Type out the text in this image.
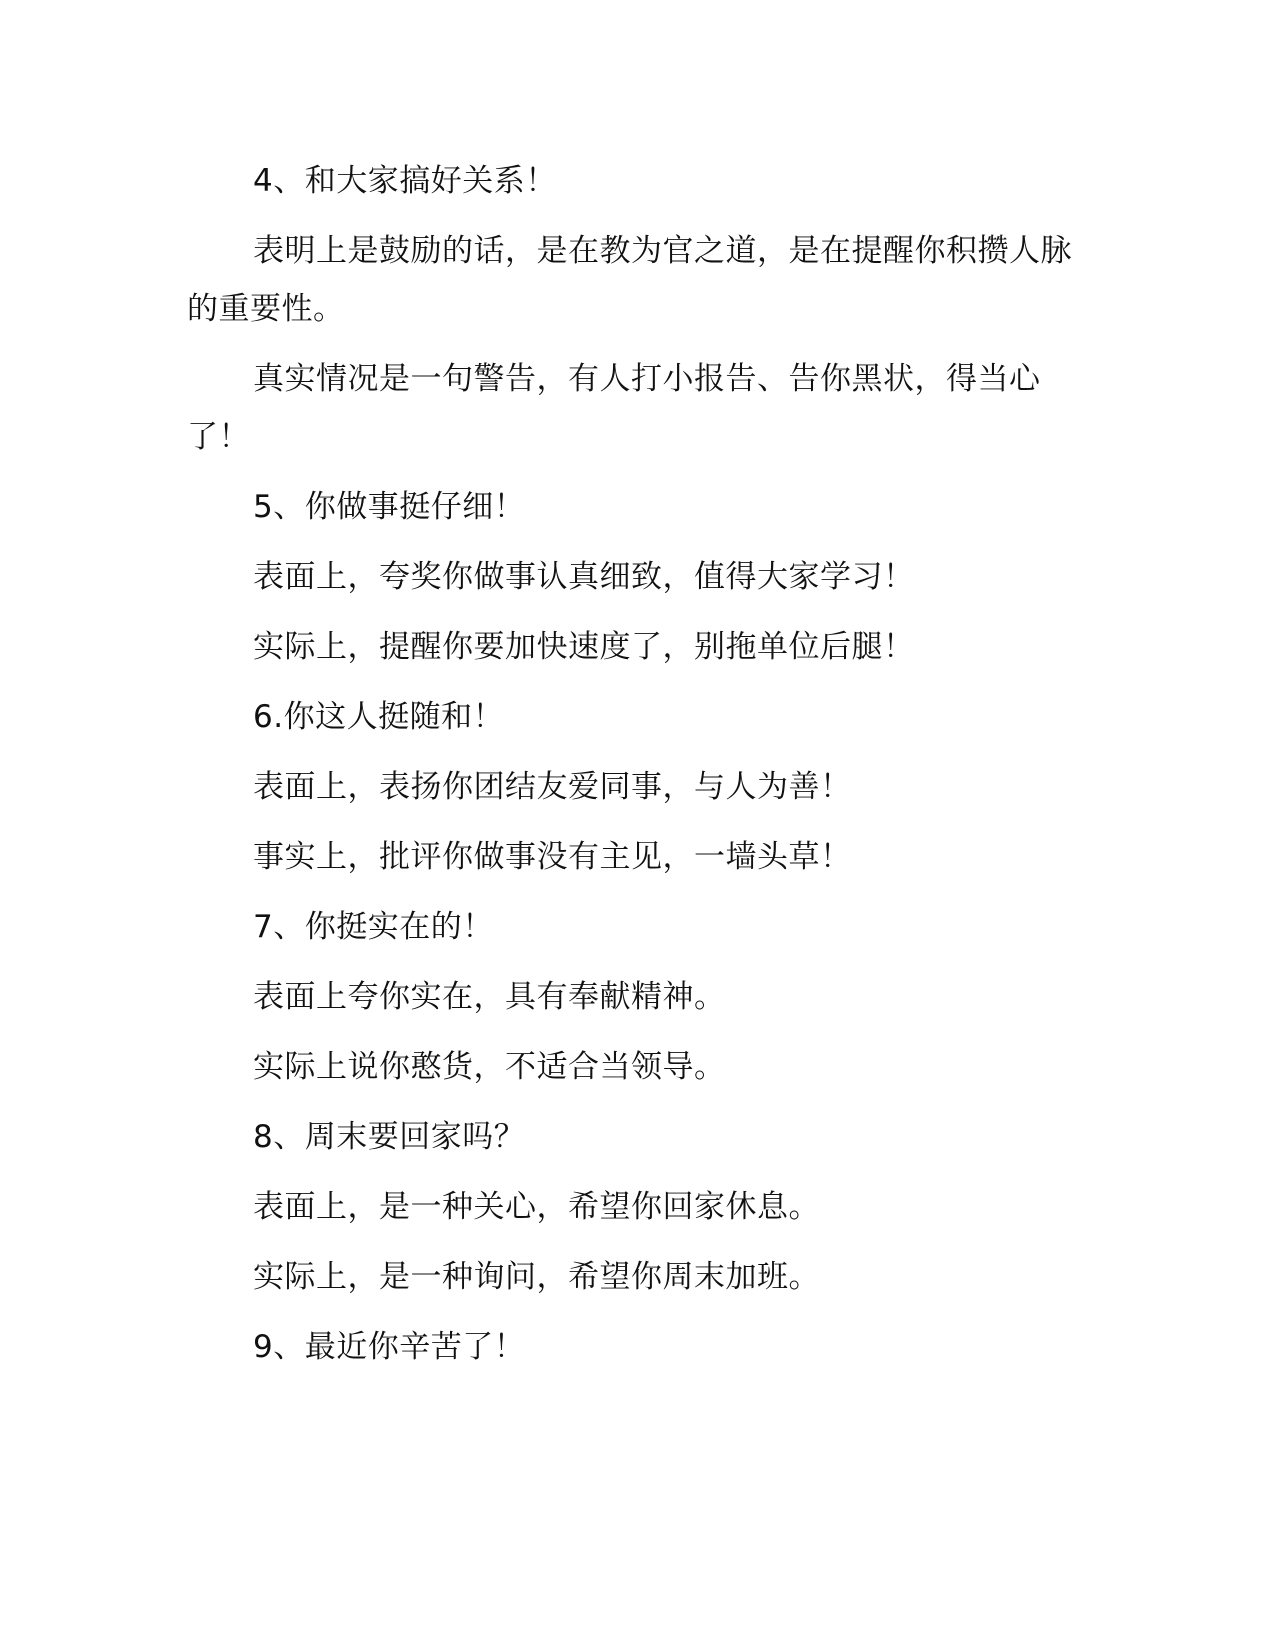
4、和大家搞好关系！

表明上是鼓励的话，是在教为官之道，是在提醒你积攒人脉的重要性。

真实情况是一句警告，有人打小报告、告你黑状，得当心了！

5、你做事挺仔细！

表面上，夸奖你做事认真细致，值得大家学习！

实际上，提醒你要加快速度了，别拖单位后腿！

6.你这人挺随和！

表面上，表扬你团结友爱同事，与人为善！

事实上，批评你做事没有主见，一墙头草！

7、你挺实在的！

表面上夸你实在，具有奉献精神。

实际上说你憨货，不适合当领导。

8、周末要回家吗？

表面上，是一种关心，希望你回家休息。

实际上，是一种询问，希望你周末加班。

9、最近你辛苦了！
